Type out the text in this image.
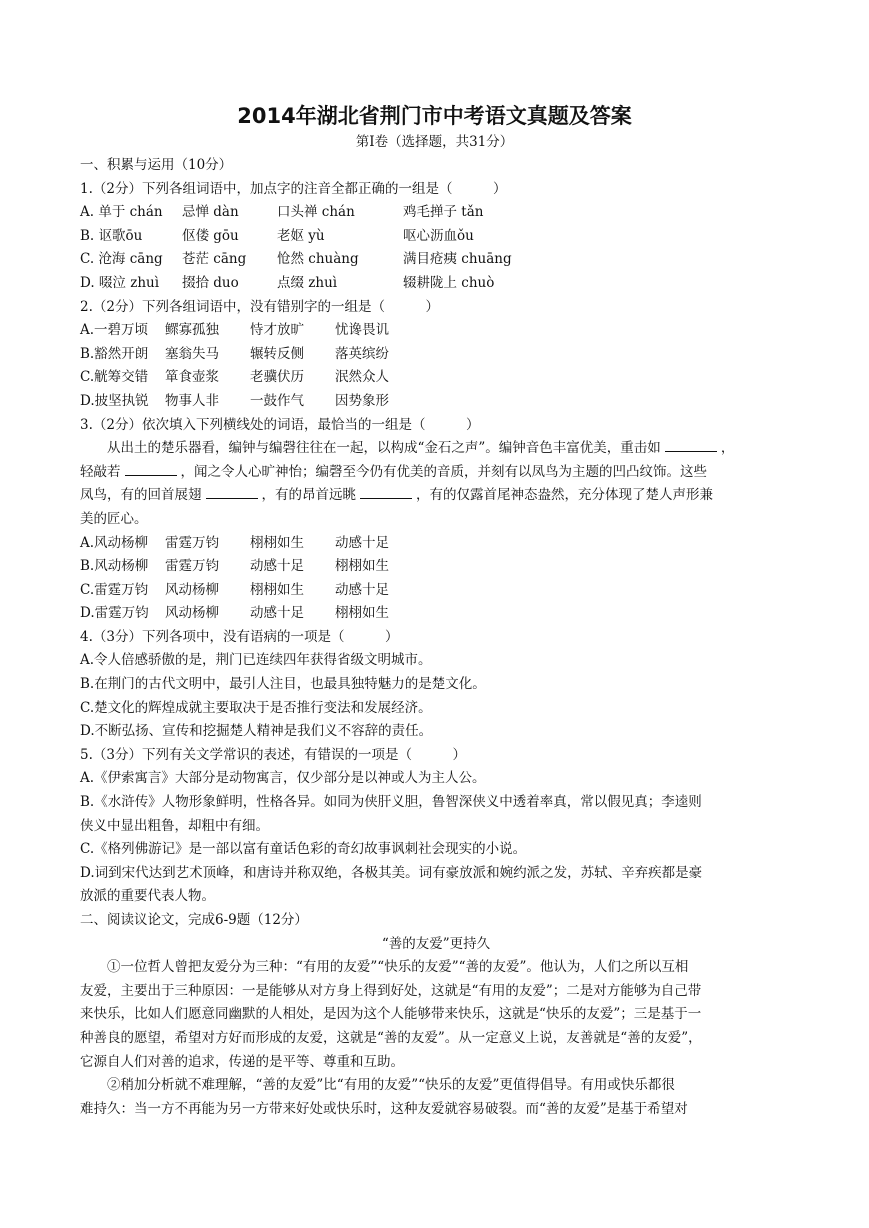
2014年湖北省荆门市中考语文真题及答案
第Ⅰ卷（选择题，共31分）
一、积累与运用（10分）
1.（2分）下列各组词语中，加点字的注音全都正确的一组是（　　　）
A. 单于 chán	忌惮 dàn	口头禅 chán	鸡毛掸子 tǎn
B. 讴歌ōu	伛偻 gōu	老妪 yù	呕心沥血ǒu
C. 沧海 cāng	苍茫 cāng	怆然 chuàng	满目疮痍 chuāng
D. 啜泣 zhuì	掇拾 duo	点缀 zhuì	辍耕陇上 chuò
2.（2分）下列各组词语中，没有错别字的一组是（　　　）
A.一碧万顷	鳏寡孤独	恃才放旷	忧谗畏讥
B.豁然开朗	塞翁失马	辗转反侧	落英缤纷
C.觥筹交错	箪食壶浆	老骥伏历	泯然众人
D.披坚执锐	物事人非	一鼓作气	因势象形
3.（2分）依次填入下列横线处的词语，最恰当的一组是（　　　）
从出土的楚乐器看，编钟与编磬往往在一起，以构成“金石之声”。编钟音色丰富优美，重击如	，
轻敲若	，闻之令人心旷神怡；编磬至今仍有优美的音质，并刻有以凤鸟为主题的凹凸纹饰。这些
凤鸟，有的回首展翅	，有的昂首远眺	，有的仅露首尾神态盎然，充分体现了楚人声形兼
美的匠心。
A.风动杨柳	雷霆万钧	栩栩如生	动感十足
B.风动杨柳	雷霆万钧	动感十足	栩栩如生
C.雷霆万钧	风动杨柳	栩栩如生	动感十足
D.雷霆万钧	风动杨柳	动感十足	栩栩如生
4.（3分）下列各项中，没有语病的一项是（　　　）
A.令人倍感骄傲的是，荆门已连续四年获得省级文明城市。
B.在荆门的古代文明中，最引人注目，也最具独特魅力的是楚文化。
C.楚文化的辉煌成就主要取决于是否推行变法和发展经济。
D.不断弘扬、宣传和挖掘楚人精神是我们义不容辞的责任。
5.（3分）下列有关文学常识的表述，有错误的一项是（　　　）
A.《伊索寓言》大部分是动物寓言，仅少部分是以神或人为主人公。
B.《水浒传》人物形象鲜明，性格各异。如同为侠肝义胆，鲁智深侠义中透着率真，常以假见真；李逵则
侠义中显出粗鲁，却粗中有细。
C.《格列佛游记》是一部以富有童话色彩的奇幻故事讽刺社会现实的小说。
D.词到宋代达到艺术顶峰，和唐诗并称双绝，各极其美。词有豪放派和婉约派之发，苏轼、辛弃疾都是豪
放派的重要代表人物。
二、阅读议论文，完成6-9题（12分）
“善的友爱”更持久
①一位哲人曾把友爱分为三种：“有用的友爱”“快乐的友爱”“善的友爱”。他认为，人们之所以互相
友爱，主要出于三种原因：一是能够从对方身上得到好处，这就是“有用的友爱”；二是对方能够为自己带
来快乐，比如人们愿意同幽默的人相处，是因为这个人能够带来快乐，这就是“快乐的友爱”；三是基于一
种善良的愿望，希望对方好而形成的友爱，这就是“善的友爱”。从一定意义上说，友善就是“善的友爱”，
它源自人们对善的追求，传递的是平等、尊重和互助。
②稍加分析就不难理解，“善的友爱”比“有用的友爱”“快乐的友爱”更值得倡导。有用或快乐都很
难持久：当一方不再能为另一方带来好处或快乐时，这种友爱就容易破裂。而“善的友爱”是基于希望对
